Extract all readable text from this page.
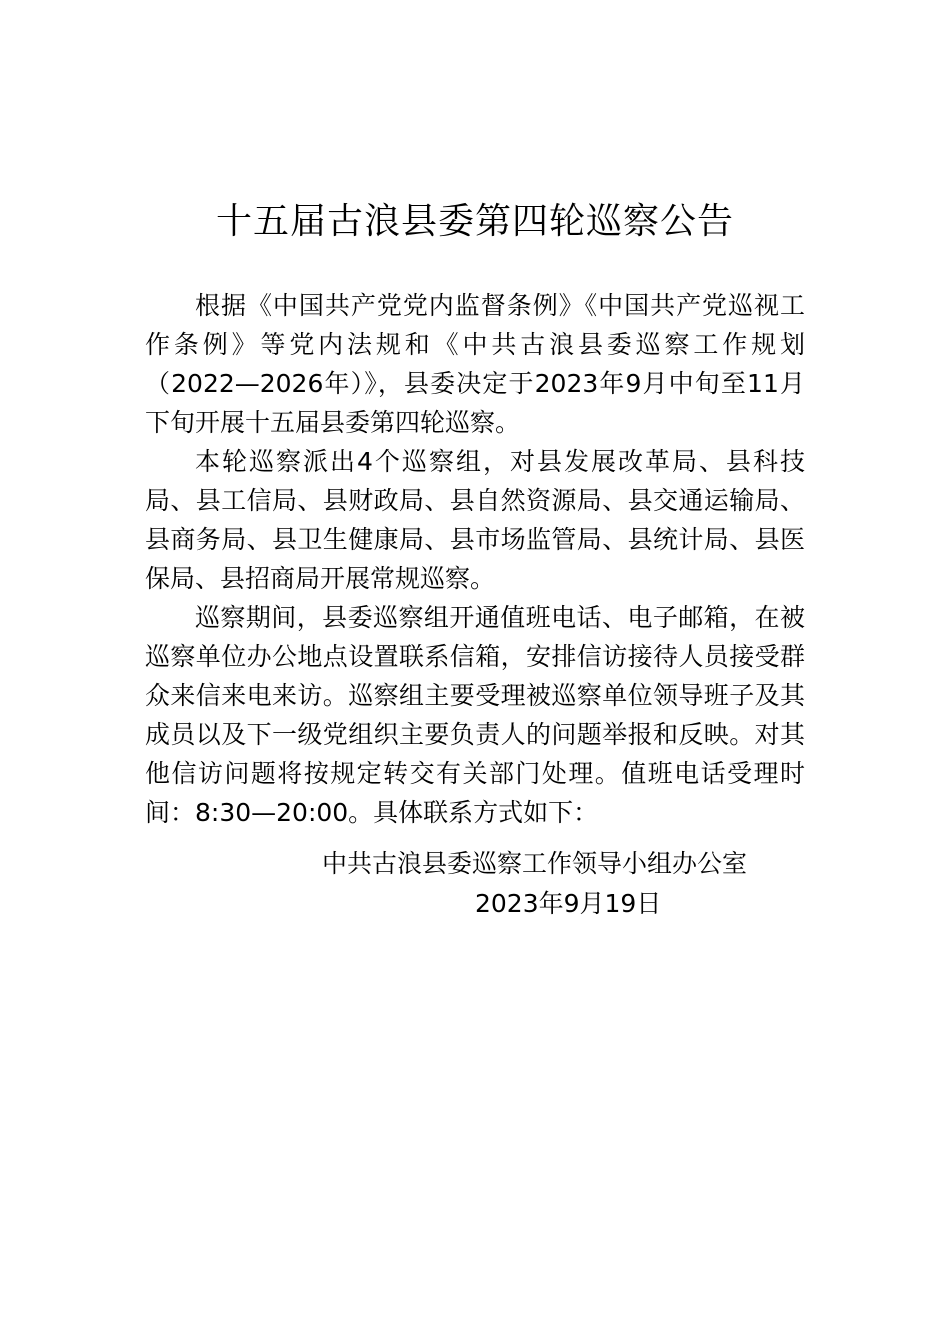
十五届古浪县委第四轮巡察公告

根据《中国共产党党内监督条例》《中国共产党巡视工作条例》等党内法规和《中共古浪县委巡察工作规划（2022—2026年）》，县委决定于2023年9月中旬至11月下旬开展十五届县委第四轮巡察。

本轮巡察派出4个巡察组，对县发展改革局、县科技局、县工信局、县财政局、县自然资源局、县交通运输局、县商务局、县卫生健康局、县市场监管局、县统计局、县医保局、县招商局开展常规巡察。

巡察期间，县委巡察组开通值班电话、电子邮箱，在被巡察单位办公地点设置联系信箱，安排信访接待人员接受群众来信来电来访。巡察组主要受理被巡察单位领导班子及其成员以及下一级党组织主要负责人的问题举报和反映。对其他信访问题将按规定转交有关部门处理。值班电话受理时间：8:30—20:00。具体联系方式如下：

中共古浪县委巡察工作领导小组办公室
2023年9月19日
